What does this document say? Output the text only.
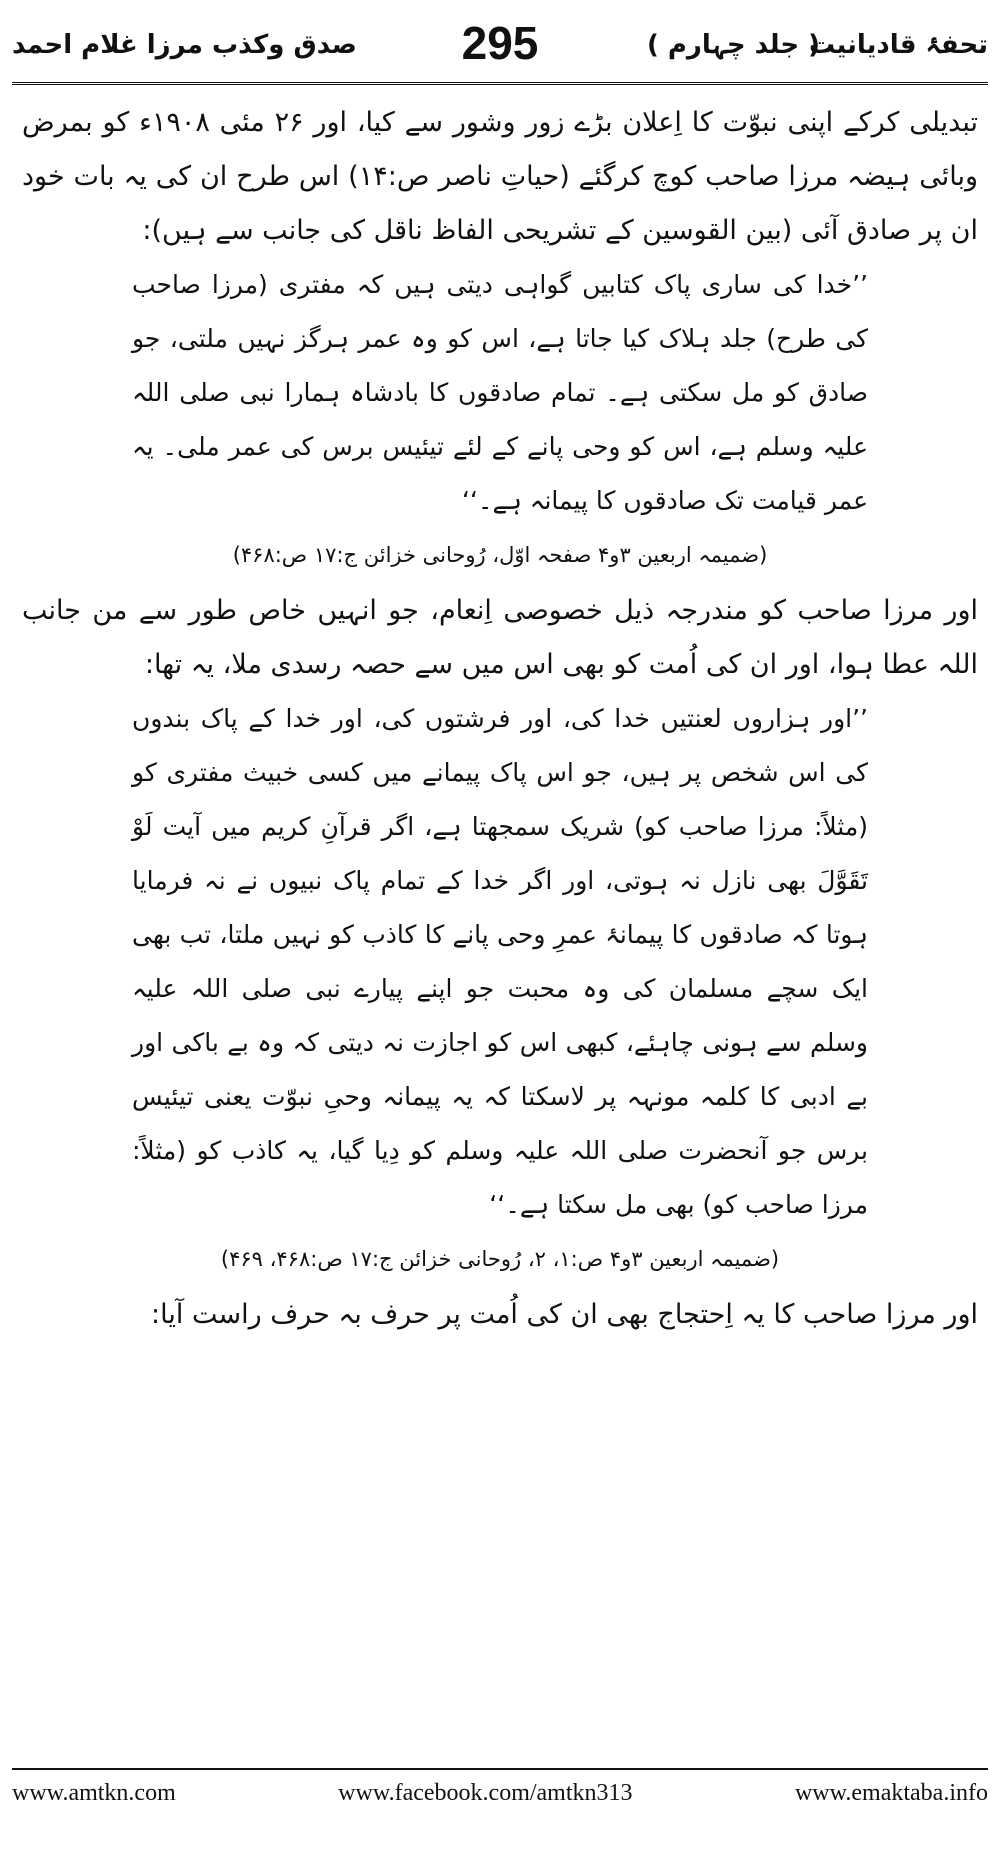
تحفۂ قادیانیت
( جلد چہارم )
295
صدق وکذب مرزا غلام احمد

تبدیلی کرکے اپنی نبوّت کا اِعلان بڑے زور وشور سے کیا، اور ۲۶ مئی ۱۹۰۸ء کو بمرض وبائی ہیضہ مرزا صاحب کوچ کرگئے (حیاتِ ناصر ص:۱۴) اس طرح ان کی یہ بات خود ان پر صادق آئی (بین القوسین کے تشریحی الفاظ ناقل کی جانب سے ہیں):

’’خدا کی ساری پاک کتابیں گواہی دیتی ہیں کہ مفتری (مرزا صاحب کی طرح) جلد ہلاک کیا جاتا ہے، اس کو وہ عمر ہرگز نہیں ملتی، جو صادق کو مل سکتی ہے۔ تمام صادقوں کا بادشاہ ہمارا نبی صلی اللہ علیہ وسلم ہے، اس کو وحی پانے کے لئے تیئیس برس کی عمر ملی۔ یہ عمر قیامت تک صادقوں کا پیمانہ ہے۔‘‘

(ضمیمہ اربعین ۳و۴ صفحہ اوّل، رُوحانی خزائن ج:۱۷ ص:۴۶۸)

اور مرزا صاحب کو مندرجہ ذیل خصوصی اِنعام، جو انہیں خاص طور سے من جانب اللہ عطا ہوا، اور ان کی اُمت کو بھی اس میں سے حصہ رسدی ملا، یہ تھا:

’’اور ہزاروں لعنتیں خدا کی، اور فرشتوں کی، اور خدا کے پاک بندوں کی اس شخص پر ہیں، جو اس پاک پیمانے میں کسی خبیث مفتری کو (مثلاً: مرزا صاحب کو) شریک سمجھتا ہے، اگر قرآنِ کریم میں آیت لَوْ تَقَوَّلَ بھی نازل نہ ہوتی، اور اگر خدا کے تمام پاک نبیوں نے نہ فرمایا ہوتا کہ صادقوں کا پیمانۂ عمرِ وحی پانے کا کاذب کو نہیں ملتا، تب بھی ایک سچے مسلمان کی وہ محبت جو اپنے پیارے نبی صلی اللہ علیہ وسلم سے ہونی چاہئے، کبھی اس کو اجازت نہ دیتی کہ وہ بے باکی اور بے ادبی کا کلمہ مونہہ پر لاسکتا کہ یہ پیمانہ وحیِ نبوّت یعنی تیئیس برس جو آنحضرت صلی اللہ علیہ وسلم کو دِیا گیا، یہ کاذب کو (مثلاً: مرزا صاحب کو) بھی مل سکتا ہے۔‘‘

(ضمیمہ اربعین ۳و۴ ص:۱، ۲، رُوحانی خزائن ج:۱۷ ص:۴۶۸، ۴۶۹)

اور مرزا صاحب کا یہ اِحتجاج بھی ان کی اُمت پر حرف بہ حرف راست آیا:

www.amtkn.com	www.facebook.com/amtkn313	www.emaktaba.info
